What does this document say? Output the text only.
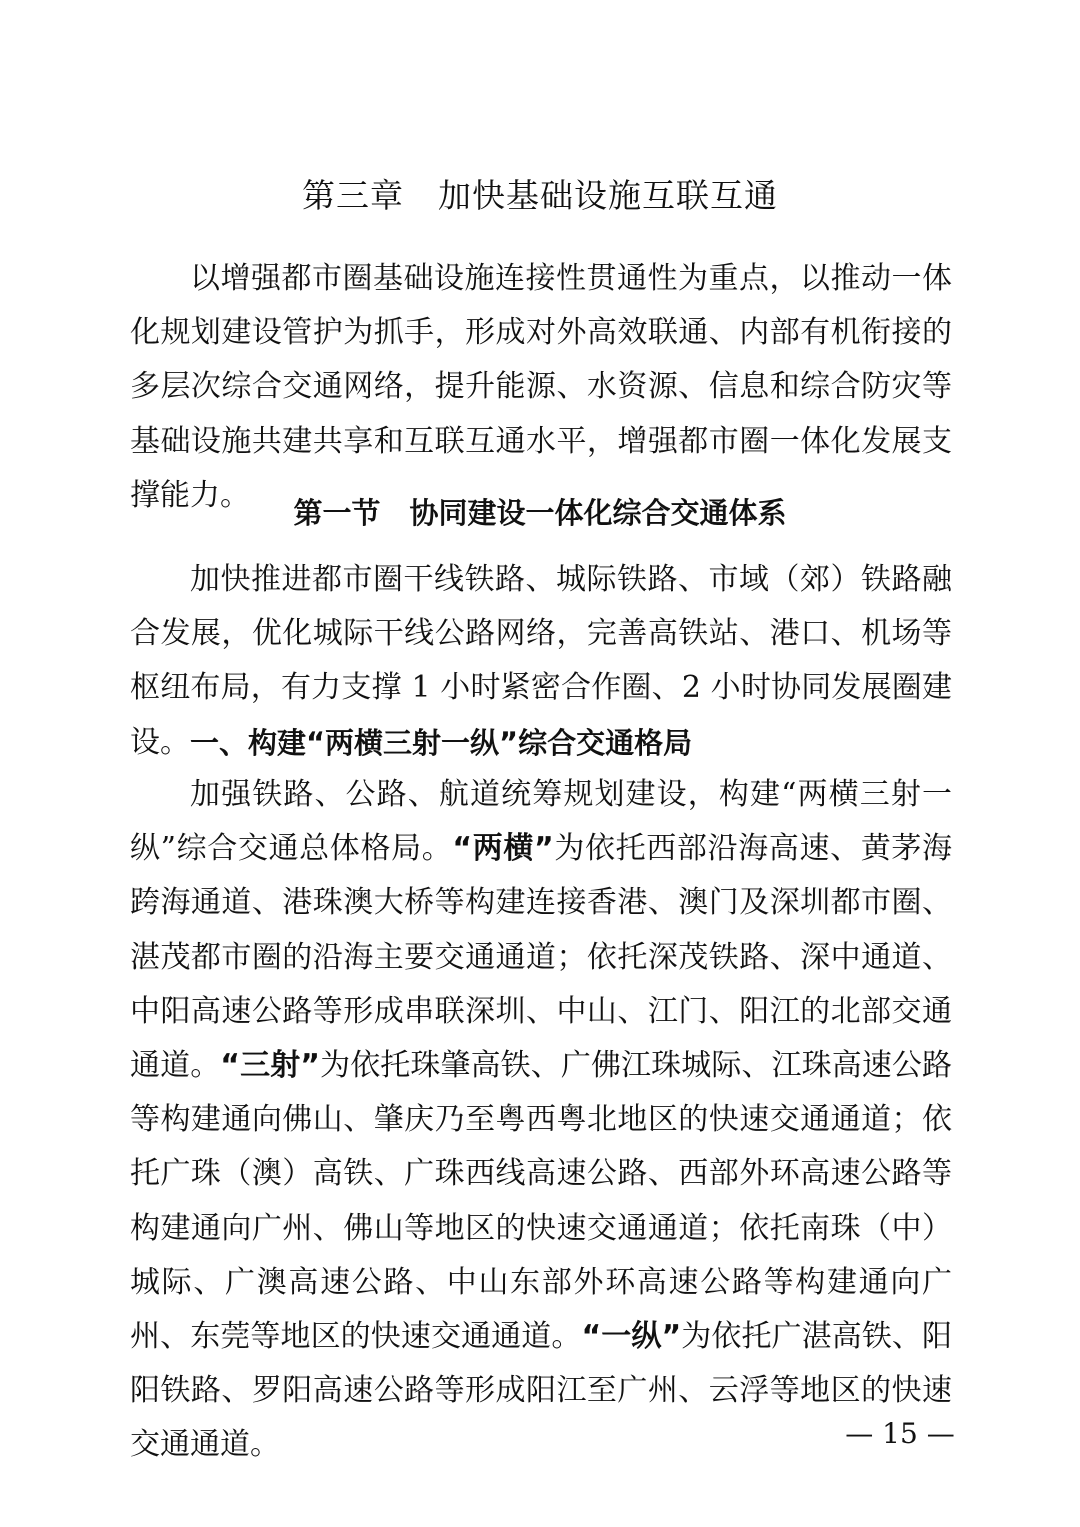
第三章　加快基础设施互联互通

以增强都市圈基础设施连接性贯通性为重点，以推动一体化规划建设管护为抓手，形成对外高效联通、内部有机衔接的多层次综合交通网络，提升能源、水资源、信息和综合防灾等基础设施共建共享和互联互通水平，增强都市圈一体化发展支撑能力。

第一节　协同建设一体化综合交通体系

加快推进都市圈干线铁路、城际铁路、市域（郊）铁路融合发展，优化城际干线公路网络，完善高铁站、港口、机场等枢纽布局，有力支撑 1 小时紧密合作圈、2 小时协同发展圈建设。 一、构建“两横三射一纵”综合交通格局

加强铁路、公路、航道统筹规划建设，构建“两横三射一纵”综合交通总体格局。“两横”为依托西部沿海高速、黄茅海跨海通道、港珠澳大桥等构建连接香港、澳门及深圳都市圈、湛茂都市圈的沿海主要交通通道；依托深茂铁路、深中通道、中阳高速公路等形成串联深圳、中山、江门、阳江的北部交通通道。“三射”为依托珠肇高铁、广佛江珠城际、江珠高速公路等构建通向佛山、肇庆乃至粤西粤北地区的快速交通通道；依托广珠（澳）高铁、广珠西线高速公路、西部外环高速公路等构建通向广州、佛山等地区的快速交通通道；依托南珠（中）城际、广澳高速公路、中山东部外环高速公路等构建通向广州、东莞等地区的快速交通通道。“一纵”为依托广湛高铁、阳阳铁路、罗阳高速公路等形成阳江至广州、云浮等地区的快速交通通道。	— 15 —
